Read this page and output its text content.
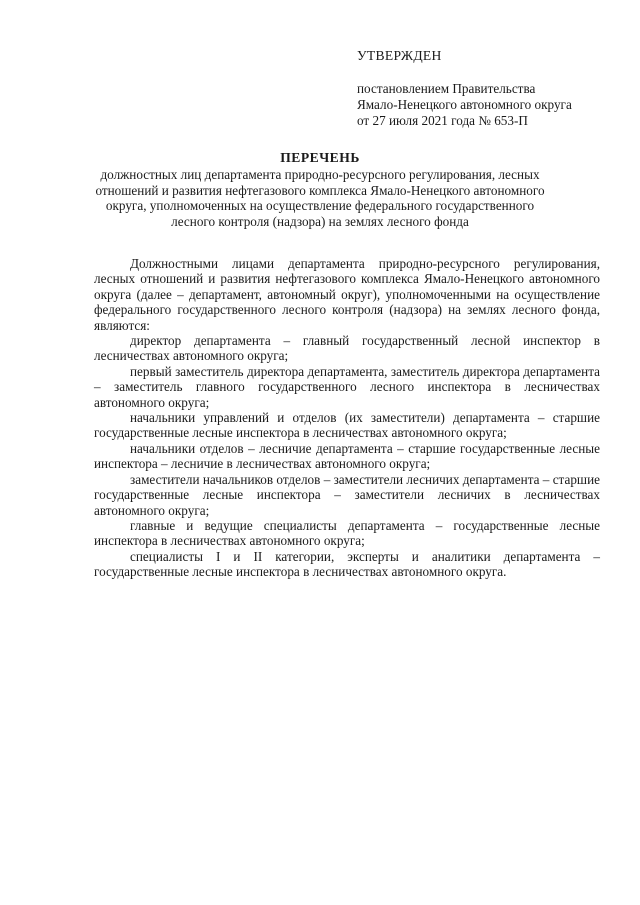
УТВЕРЖДЕН
постановлением Правительства
Ямало-Ненецкого автономного округа
от 27 июля 2021 года № 653-П
ПЕРЕЧЕНЬ
должностных лиц департамента природно-ресурсного регулирования, лесных
отношений и развития нефтегазового комплекса Ямало-Ненецкого автономного
округа, уполномоченных на осуществление федерального государственного
лесного контроля (надзора) на землях лесного фонда

Должностными лицами департамента природно-ресурсного регулирования, лесных отношений и развития нефтегазового комплекса Ямало-Ненецкого автономного округа (далее – департамент, автономный округ), уполномоченными на осуществление федерального государственного лесного контроля (надзора) на землях лесного фонда, являются:

директор департамента – главный государственный лесной инспектор в лесничествах автономного округа;

первый заместитель директора департамента, заместитель директора департамента – заместитель главного государственного лесного инспектора в лесничествах автономного округа;

начальники управлений и отделов (их заместители) департамента – старшие государственные лесные инспектора в лесничествах автономного округа;

начальники отделов – лесничие департамента – старшие государственные лесные инспектора – лесничие в лесничествах автономного округа;

заместители начальников отделов – заместители лесничих департамента – старшие государственные лесные инспектора – заместители лесничих в лесничествах автономного округа;

главные и ведущие специалисты департамента – государственные лесные инспектора в лесничествах автономного округа;

специалисты I и II категории, эксперты и аналитики департамента – государственные лесные инспектора в лесничествах автономного округа.
